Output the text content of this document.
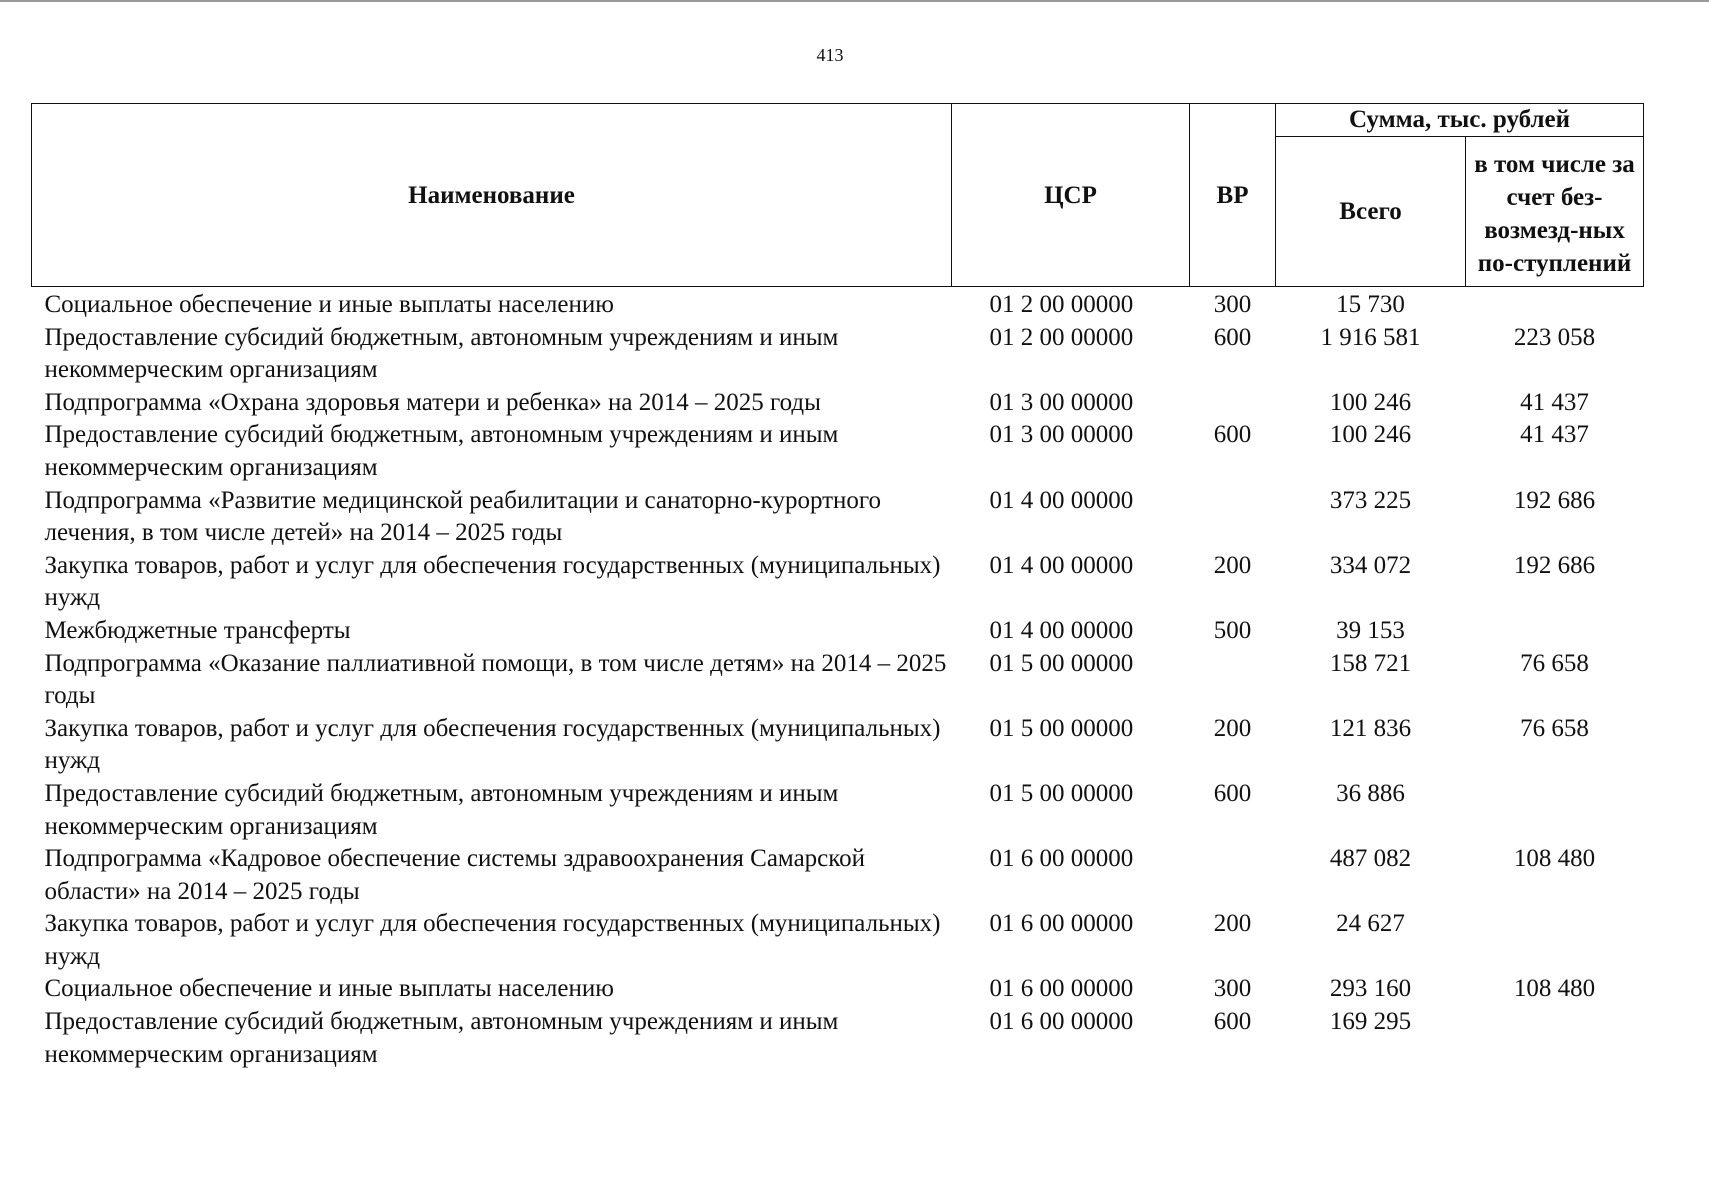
413
Наименование	ЦСР	ВР	Сумма, тыс. рублей	
			Всего	в том числе за счет без-возмезд-ных по-ступлений
Социальное обеспечение и иные выплаты населению	01 2 00 00000	300	15 730	
Предоставление субсидий бюджетным, автономным учреждениям и иным некоммерческим организациям	01 2 00 00000	600	1 916 581	223 058
Подпрограмма «Охрана здоровья матери и ребенка» на 2014 – 2025 годы	01 3 00 00000		100 246	41 437
Предоставление субсидий бюджетным, автономным учреждениям и иным некоммерческим организациям	01 3 00 00000	600	100 246	41 437
Подпрограмма «Развитие медицинской реабилитации и санаторно-курортного лечения, в том числе детей» на 2014 – 2025 годы	01 4 00 00000		373 225	192 686
Закупка товаров, работ и услуг для обеспечения государственных (муниципальных) нужд	01 4 00 00000	200	334 072	192 686
Межбюджетные трансферты	01 4 00 00000	500	39 153	
Подпрограмма «Оказание паллиативной помощи, в том числе детям» на 2014 – 2025 годы	01 5 00 00000		158 721	76 658
Закупка товаров, работ и услуг для обеспечения государственных (муниципальных) нужд	01 5 00 00000	200	121 836	76 658
Предоставление субсидий бюджетным, автономным учреждениям и иным некоммерческим организациям	01 5 00 00000	600	36 886	
Подпрограмма «Кадровое обеспечение системы здравоохранения Самарской области» на 2014 – 2025 годы	01 6 00 00000		487 082	108 480
Закупка товаров, работ и услуг для обеспечения государственных (муниципальных) нужд	01 6 00 00000	200	24 627	
Социальное обеспечение и иные выплаты населению	01 6 00 00000	300	293 160	108 480
Предоставление субсидий бюджетным, автономным учреждениям и иным некоммерческим организациям	01 6 00 00000	600	169 295	
